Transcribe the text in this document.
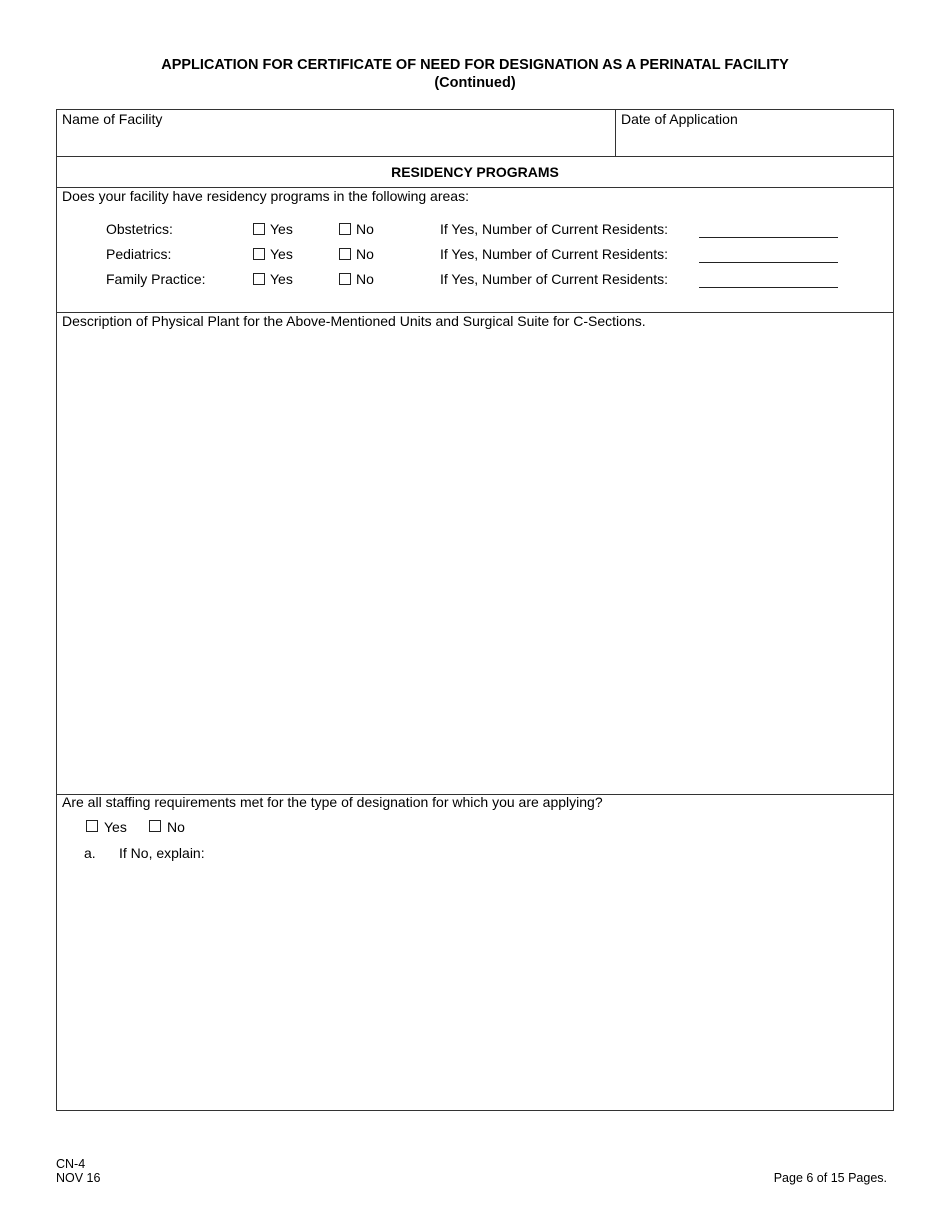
APPLICATION FOR CERTIFICATE OF NEED FOR DESIGNATION AS A PERINATAL FACILITY
(Continued)
Name of Facility	Date of Application
RESIDENCY PROGRAMS
Does your facility have residency programs in the following areas:
Obstetrics:	Yes	No	If Yes, Number of Current Residents:
Pediatrics:	Yes	No	If Yes, Number of Current Residents:
Family Practice:	Yes	No	If Yes, Number of Current Residents:
Description of Physical Plant for the Above-Mentioned Units and Surgical Suite for C-Sections.
Are all staffing requirements met for the type of designation for which you are applying?
Yes	No
a. If No, explain:
CN-4
NOV 16	Page 6 of 15 Pages.
